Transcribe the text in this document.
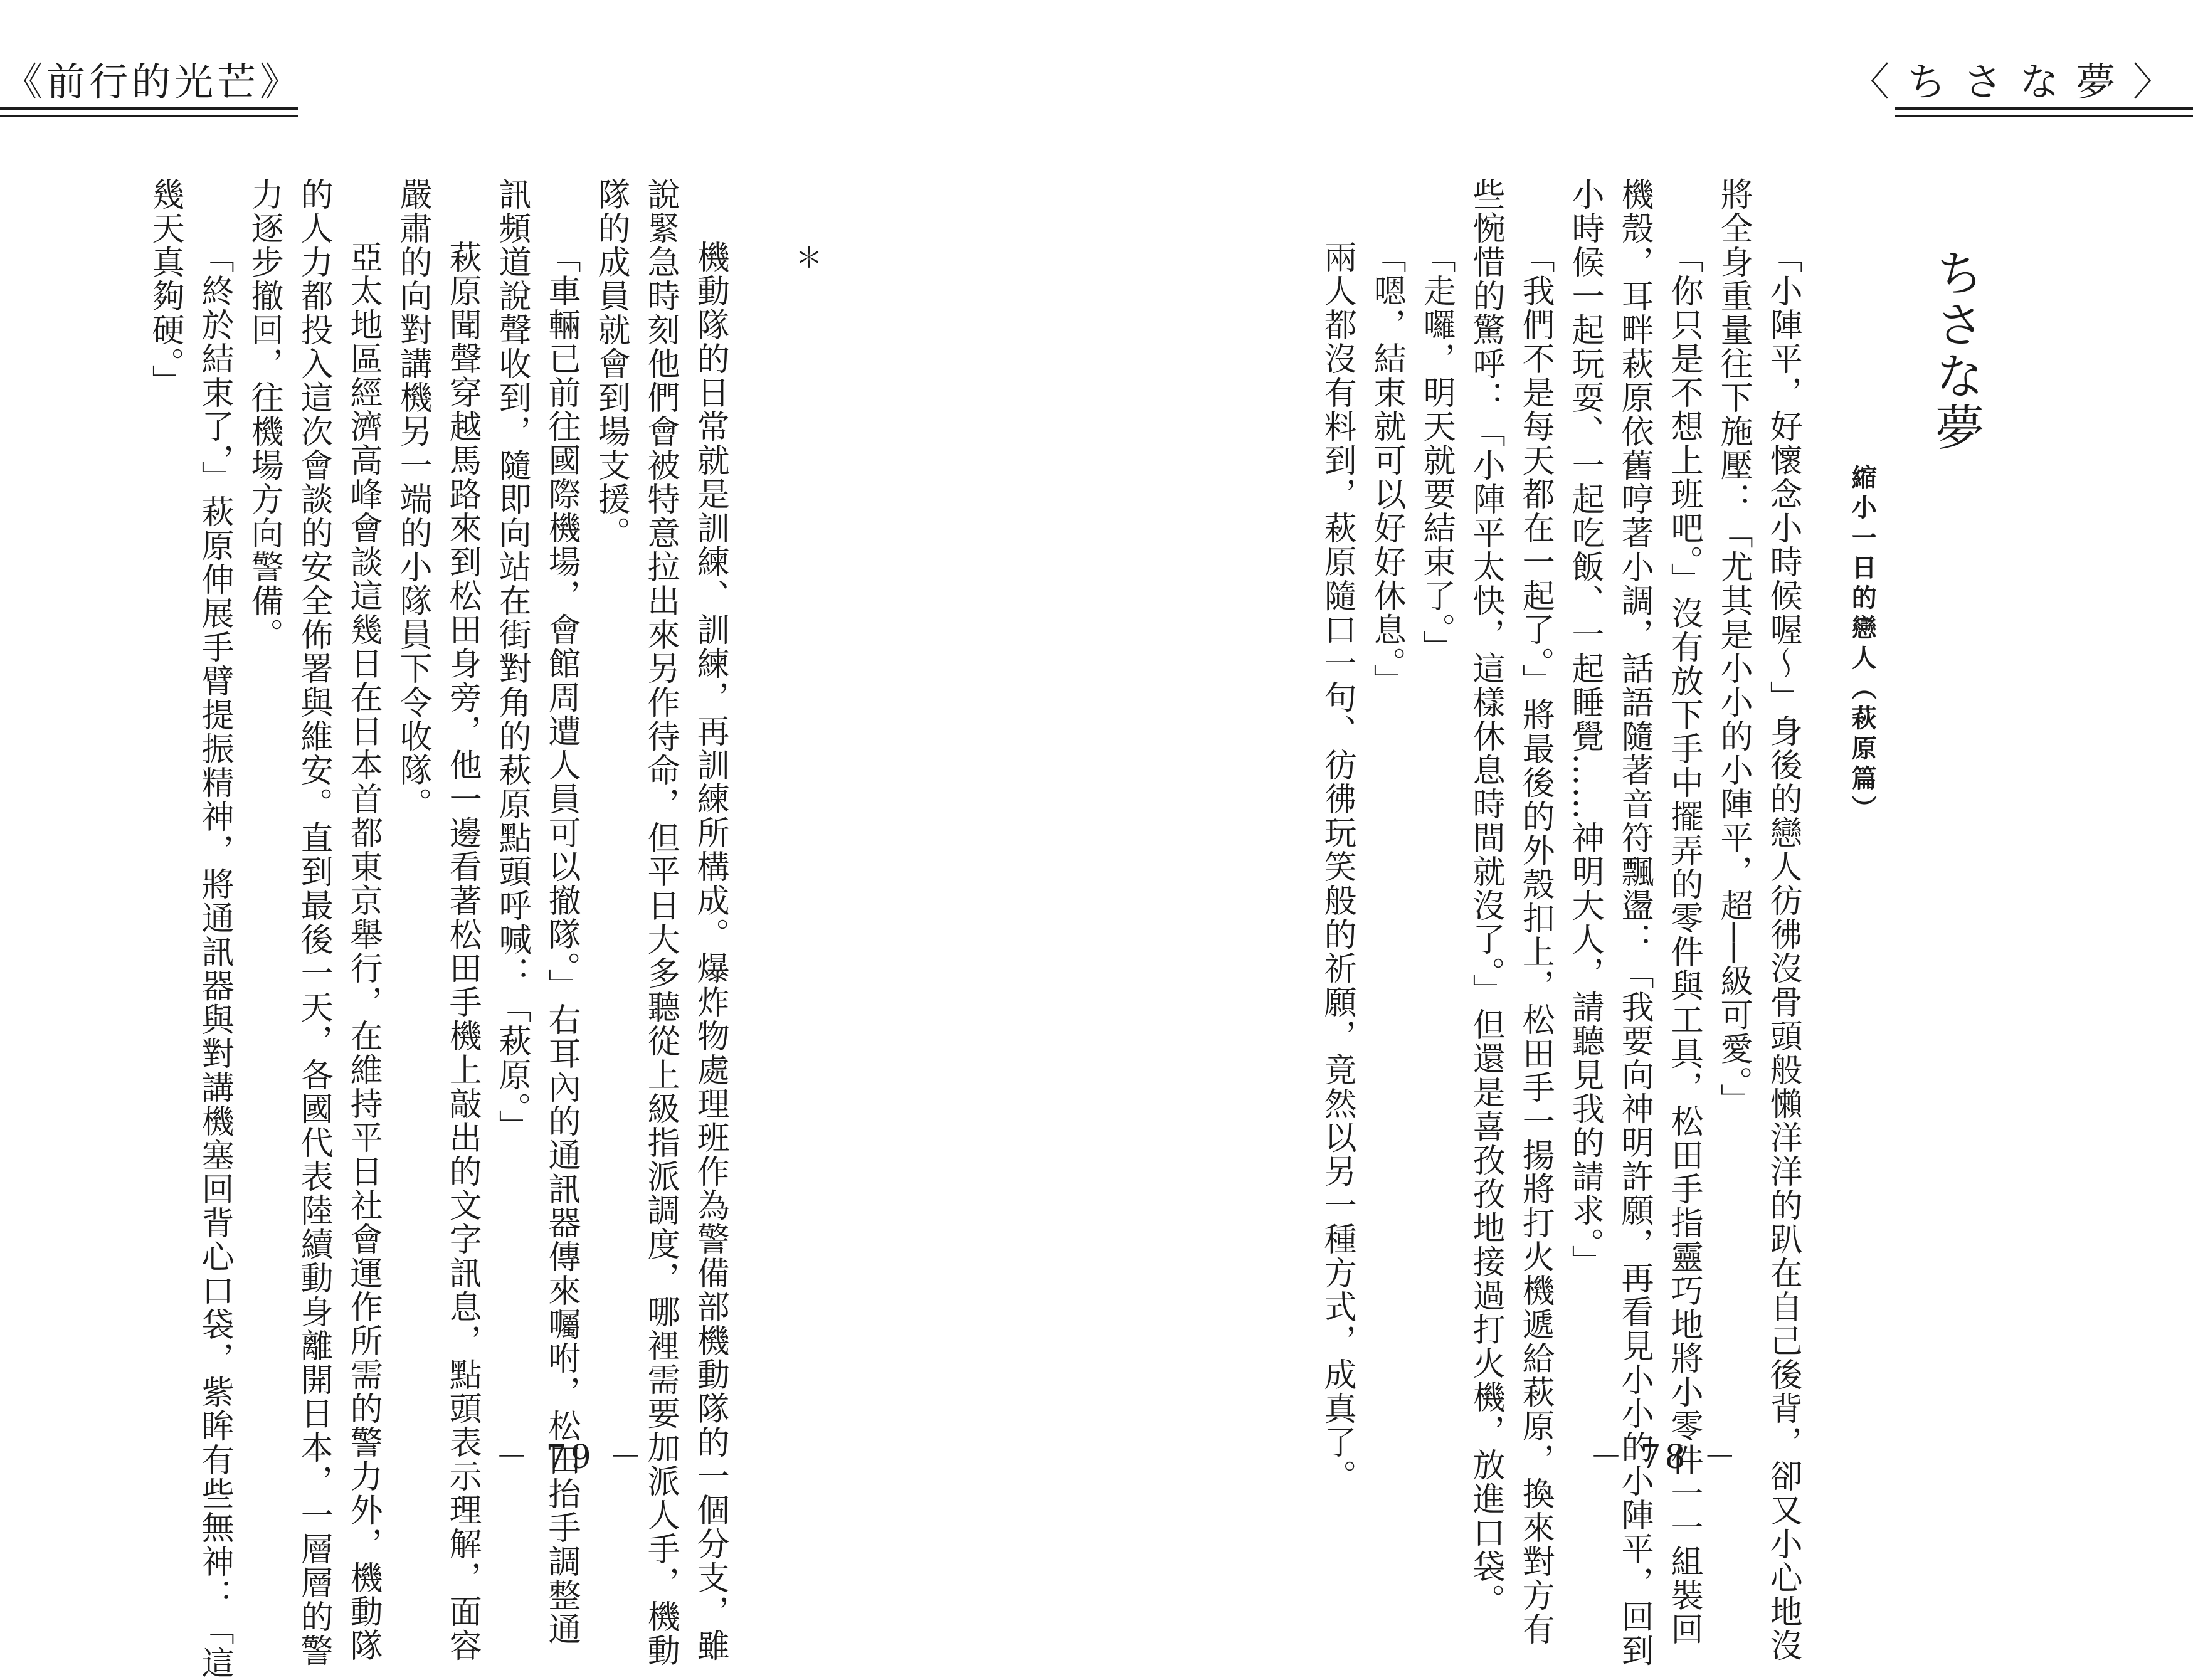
《前行的光芒》	〈ちさな夢〉
ちさな夢
縮小一日的戀人（萩原篇）
「小陣平，好懷念小時候喔～」身後的戀人彷彿沒骨頭般懶洋洋的趴在自己後背，卻又小心地沒
將全身重量往下施壓：「尤其是小小的小陣平，超──級可愛。」
「你只是不想上班吧。」沒有放下手中擺弄的零件與工具，松田手指靈巧地將小零件一一組裝回
機殼，耳畔萩原依舊哼著小調，話語隨著音符飄盪：「我要向神明許願，再看見小小的小陣平，回到
小時候一起玩耍、一起吃飯、一起睡覺……神明大人，請聽見我的請求。」
「我們不是每天都在一起了。」將最後的外殼扣上，松田手一揚將打火機遞給萩原，換來對方有
些惋惜的驚呼：「小陣平太快，這樣休息時間就沒了。」但還是喜孜孜地接過打火機，放進口袋。
「走囉，明天就要結束了。」
「嗯，結束就可以好好休息。」
兩人都沒有料到，萩原隨口一句、彷彿玩笑般的祈願，竟然以另一種方式，成真了。	－ 78 －
＊
機動隊的日常就是訓練、訓練，再訓練所構成。爆炸物處理班作為警備部機動隊的一個分支，雖
說緊急時刻他們會被特意拉出來另作待命，但平日大多聽從上級指派調度，哪裡需要加派人手，機動
隊的成員就會到場支援。
「車輛已前往國際機場，會館周遭人員可以撤隊。」右耳內的通訊器傳來囑咐，松田抬手調整通
訊頻道說聲收到，隨即向站在街對角的萩原點頭呼喊：「萩原。」
萩原聞聲穿越馬路來到松田身旁，他一邊看著松田手機上敲出的文字訊息，點頭表示理解，面容
嚴肅的向對講機另一端的小隊員下令收隊。
亞太地區經濟高峰會談這幾日在日本首都東京舉行，在維持平日社會運作所需的警力外，機動隊
的人力都投入這次會談的安全佈署與維安。直到最後一天，各國代表陸續動身離開日本，一層層的警
力逐步撤回，往機場方向警備。
「終於結束了，」萩原伸展手臂提振精神，將通訊器與對講機塞回背心口袋，紫眸有些無神：「這
幾天真夠硬。」
－ 79 －
